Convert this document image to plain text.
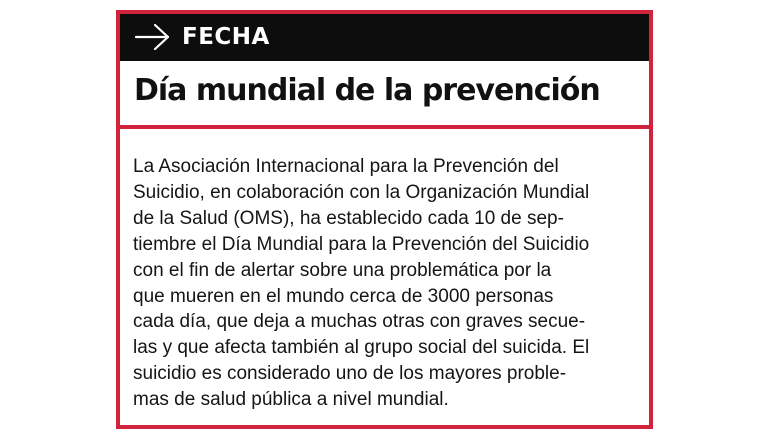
FECHA
Día mundial de la prevención
La Asociación Internacional para la Prevención del
Suicidio, en colaboración con la Organización Mundial
de la Salud (OMS), ha establecido cada 10 de sep-
tiembre el Día Mundial para la Prevención del Suicidio
con el fin de alertar sobre una problemática por la
que mueren en el mundo cerca de 3000 personas
cada día, que deja a muchas otras con graves secue-
las y que afecta también al grupo social del suicida. El
suicidio es considerado uno de los mayores proble-
mas de salud pública a nivel mundial.
